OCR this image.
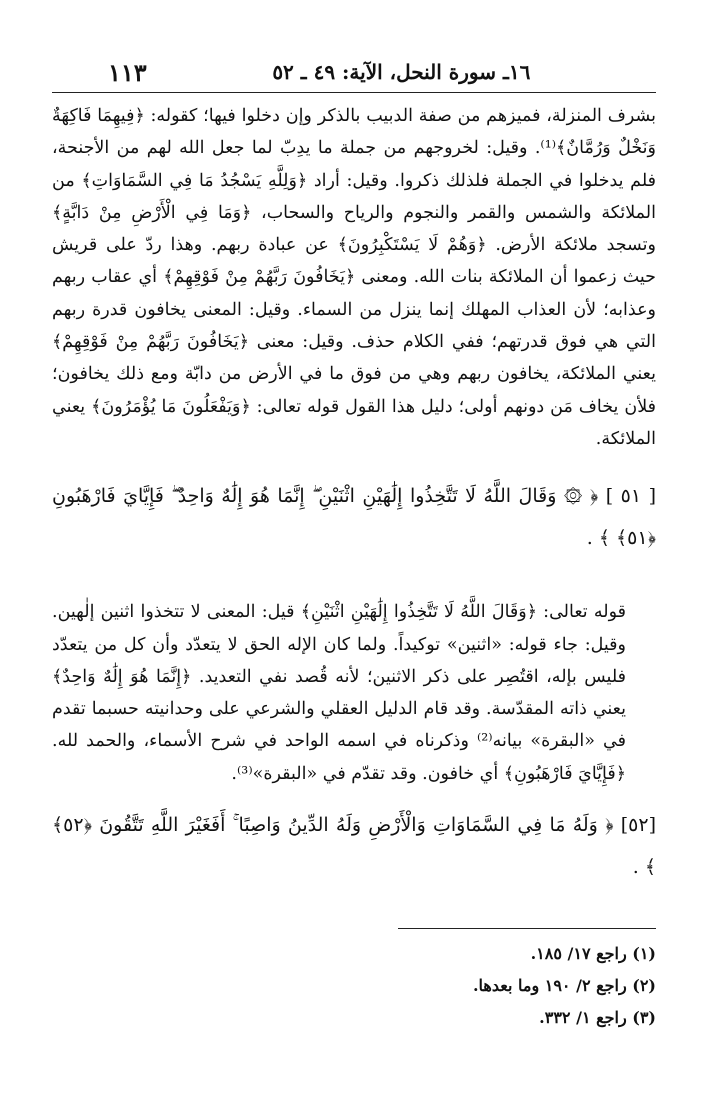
١٦ـ سورة النحل، الآية: ٤٩ ـ ٥٢
١١٣

بشرف المنزلة، فميزهم من صفة الدبيب بالذكر وإن دخلوا فيها؛ كقوله: ﴿فِيهِمَا فَاكِهَةٌ وَنَخْلٌ وَرُمَّانٌ﴾⁽¹⁾. وقيل: لخروجهم من جملة ما يدِبّ لما جعل الله لهم من الأجنحة، فلم يدخلوا في الجملة فلذلك ذكروا. وقيل: أراد ﴿وَلِلَّهِ يَسْجُدُ مَا فِي السَّمَاوَاتِ﴾ من الملائكة والشمس والقمر والنجوم والرياح والسحاب، ﴿وَمَا فِي الْأَرْضِ مِنْ دَابَّةٍ﴾ وتسجد ملائكة الأرض. ﴿وَهُمْ لَا يَسْتَكْبِرُونَ﴾ عن عبادة ربهم. وهذا ردّ على قريش حيث زعموا أن الملائكة بنات الله. ومعنى ﴿يَخَافُونَ رَبَّهُمْ مِنْ فَوْقِهِمْ﴾ أي عقاب ربهم وعذابه؛ لأن العذاب المهلك إنما ينزل من السماء. وقيل: المعنى يخافون قدرة ربهم التي هي فوق قدرتهم؛ ففي الكلام حذف. وقيل: معنى ﴿يَخَافُونَ رَبَّهُمْ مِنْ فَوْقِهِمْ﴾ يعني الملائكة، يخافون ربهم وهي من فوق ما في الأرض من دابّة ومع ذلك يخافون؛ فلأن يخاف مَن دونهم أولى؛ دليل هذا القول قوله تعالى: ﴿وَيَفْعَلُونَ مَا يُؤْمَرُونَ﴾ يعني الملائكة.

[ ٥١ ] ﴿ ۞ وَقَالَ اللَّهُ لَا تَتَّخِذُوا إِلَٰهَيْنِ اثْنَيْنِ ۖ إِنَّمَا هُوَ إِلَٰهٌ وَاحِدٌ ۖ فَإِيَّايَ فَارْهَبُونِ ﴿٥١﴾ ﴾ .

قوله تعالى: ﴿وَقَالَ اللَّهُ لَا تَتَّخِذُوا إِلَٰهَيْنِ اثْنَيْنِ﴾ قيل: المعنى لا تتخذوا اثنين إلٰهين. وقيل: جاء قوله: «اثنين» توكيداً. ولما كان الإله الحق لا يتعدّد وأن كل من يتعدّد فليس بإله، اقتُصِر على ذكر الاثنين؛ لأنه قُصد نفي التعديد. ﴿إِنَّمَا هُوَ إِلَٰهٌ وَاحِدٌ﴾ يعني ذاته المقدّسة. وقد قام الدليل العقلي والشرعي على وحدانيته حسبما تقدم في «البقرة» بيانه⁽²⁾ وذكرناه في اسمه الواحد في شرح الأسماء، والحمد لله. ﴿فَإِيَّايَ فَارْهَبُونِ﴾ أي خافون. وقد تقدّم في «البقرة»⁽³⁾.

[٥٢] ﴿ وَلَهُ مَا فِي السَّمَاوَاتِ وَالْأَرْضِ وَلَهُ الدِّينُ وَاصِبًا ۚ أَفَغَيْرَ اللَّهِ تَتَّقُونَ ﴿٥٢﴾ ﴾ .

(١) راجع ١٧/ ١٨٥.
(٢) راجع ٢/ ١٩٠ وما بعدها.
(٣) راجع ١/ ٣٣٢.
